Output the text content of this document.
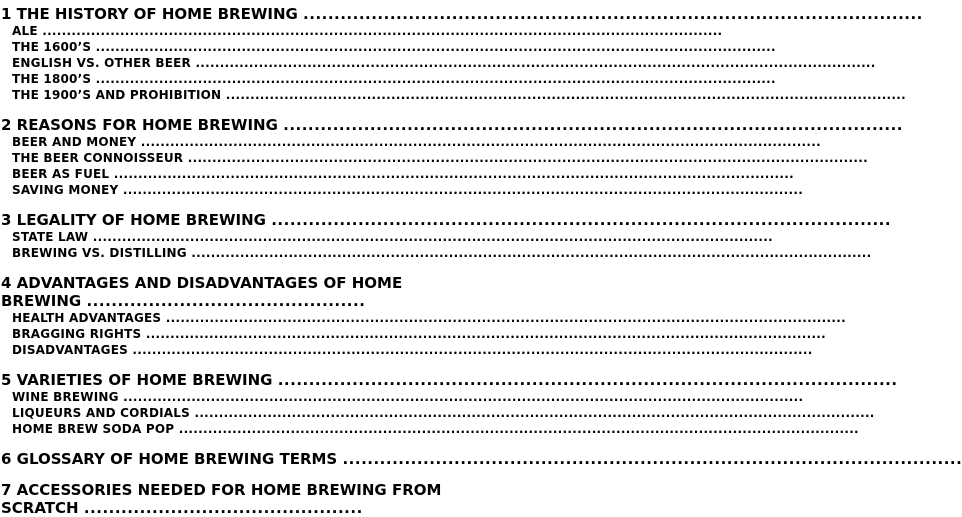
1 THE HISTORY OF HOME BREWING ....................................................................................................
ALE ............................................................................................................................................
THE 1600’S ............................................................................................................................................
ENGLISH VS. OTHER BEER ............................................................................................................................................
THE 1800’S ............................................................................................................................................
THE 1900’S AND PROHIBITION ............................................................................................................................................
2 REASONS FOR HOME BREWING ....................................................................................................
BEER AND MONEY ............................................................................................................................................
THE BEER CONNOISSEUR ............................................................................................................................................
BEER AS FUEL ............................................................................................................................................
SAVING MONEY ............................................................................................................................................
3 LEGALITY OF HOME BREWING ....................................................................................................
STATE LAW ............................................................................................................................................
BREWING VS. DISTILLING ............................................................................................................................................
4 ADVANTAGES AND DISADVANTAGES OF HOME BREWING .............................................
HEALTH ADVANTAGES ............................................................................................................................................
BRAGGING RIGHTS ............................................................................................................................................
DISADVANTAGES ............................................................................................................................................
5 VARIETIES OF HOME BREWING ....................................................................................................
WINE BREWING ............................................................................................................................................
LIQUEURS AND CORDIALS ............................................................................................................................................
HOME BREW SODA POP ............................................................................................................................................
6 GLOSSARY OF HOME BREWING TERMS ....................................................................................................
7 ACCESSORIES NEEDED FOR HOME BREWING FROM SCRATCH .............................................
